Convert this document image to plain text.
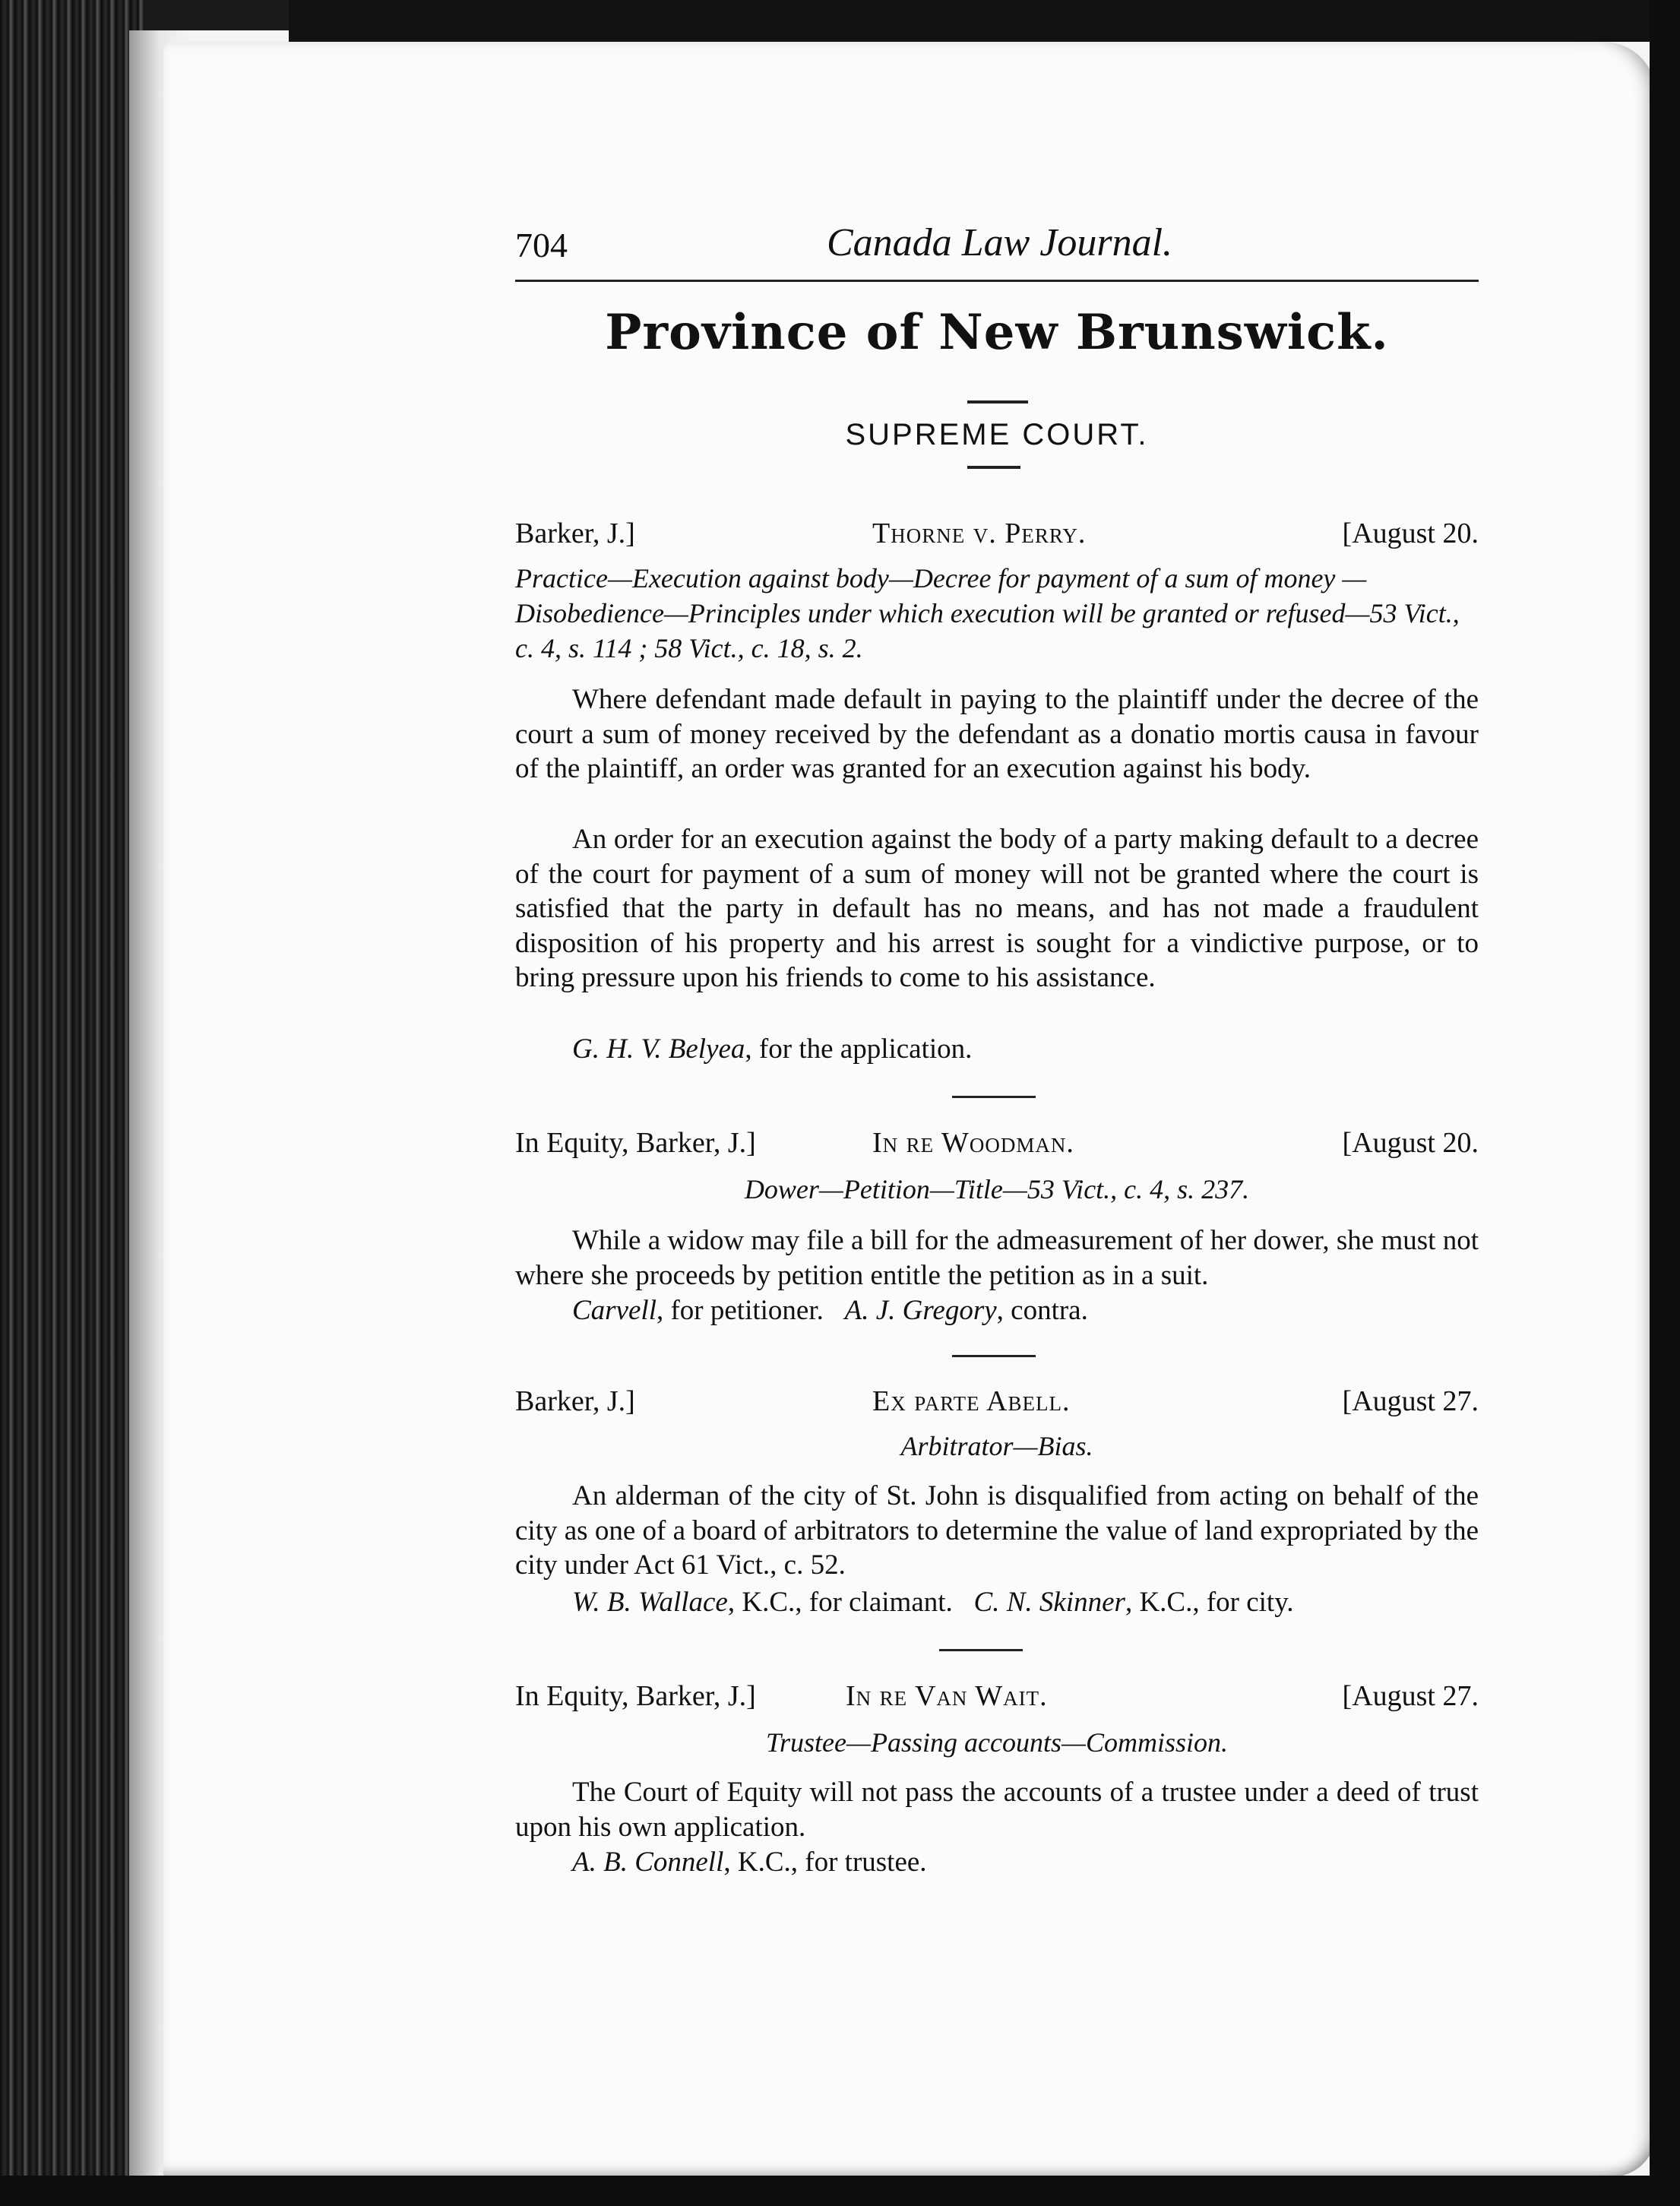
704	Canada Law Journal.
Province of New Brunswick.
SUPREME COURT.
Barker, J.]	Thorne v. Perry.	[August 20.
Practice—Execution against body—Decree for payment of a sum of money —Disobedience—Principles under which execution will be granted or refused—53 Vict., c. 4, s. 114 ; 58 Vict., c. 18, s. 2.
Where defendant made default in paying to the plaintiff under the decree of the court a sum of money received by the defendant as a donatio mortis causa in favour of the plaintiff, an order was granted for an execution against his body.
An order for an execution against the body of a party making default to a decree of the court for payment of a sum of money will not be granted where the court is satisfied that the party in default has no means, and has not made a fraudulent disposition of his property and his arrest is sought for a vindictive purpose, or to bring pressure upon his friends to come to his assistance.
G. H. V. Belyea, for the application.
In Equity, Barker, J.]	In re Woodman.	[August 20.
Dower—Petition—Title—53 Vict., c. 4, s. 237.
While a widow may file a bill for the admeasurement of her dower, she must not where she proceeds by petition entitle the petition as in a suit.
Carvell, for petitioner. A. J. Gregory, contra.
Barker, J.]	Ex parte Abell.	[August 27.
Arbitrator—Bias.
An alderman of the city of St. John is disqualified from acting on behalf of the city as one of a board of arbitrators to determine the value of land expropriated by the city under Act 61 Vict., c. 52.
W. B. Wallace, K.C., for claimant. C. N. Skinner, K.C., for city.
In Equity, Barker, J.]	In re Van Wait.	[August 27.
Trustee—Passing accounts—Commission.
The Court of Equity will not pass the accounts of a trustee under a deed of trust upon his own application.
A. B. Connell, K.C., for trustee.
